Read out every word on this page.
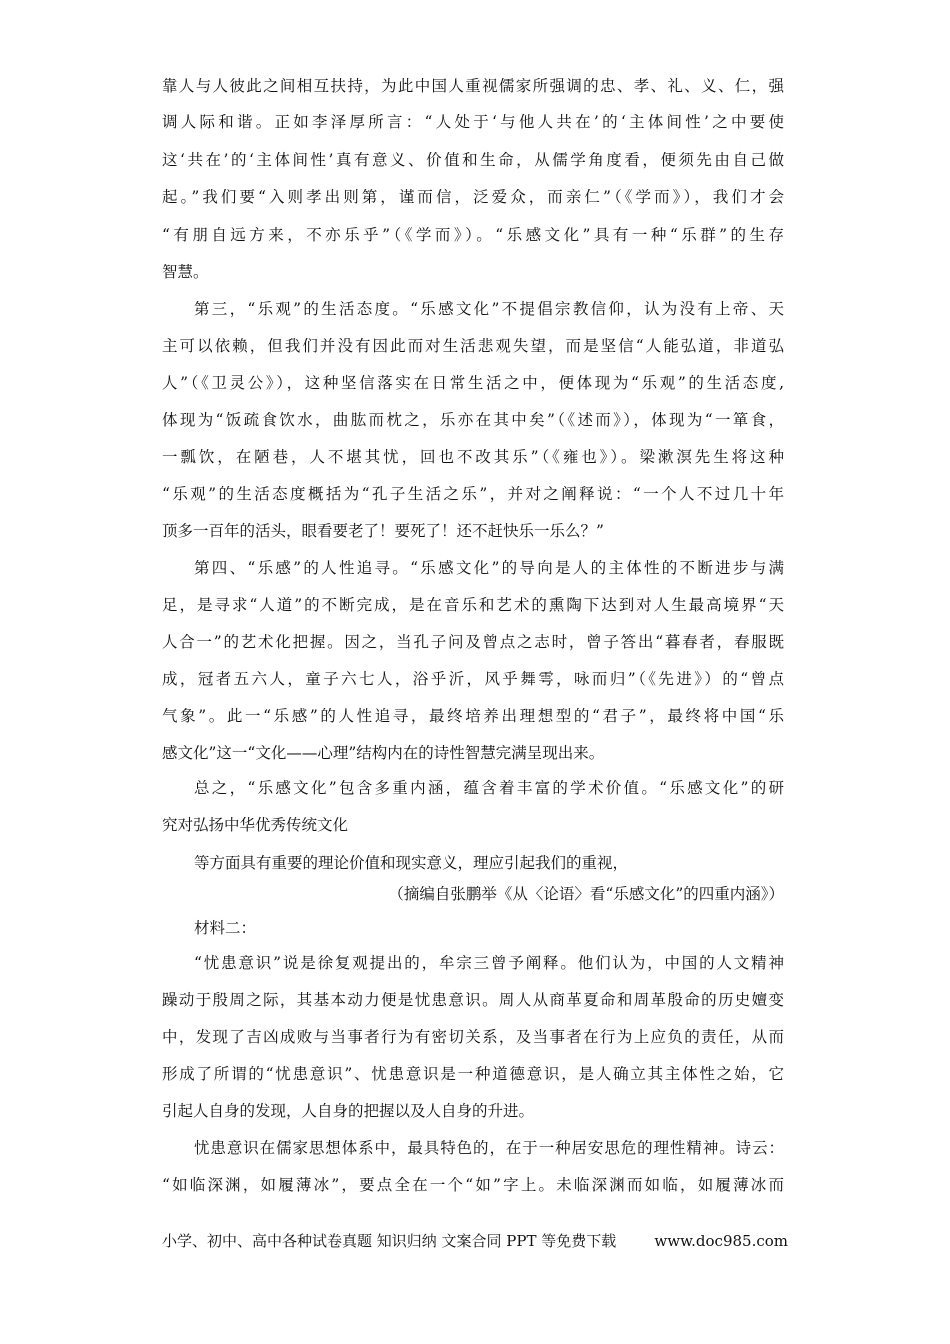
靠人与人彼此之间相互扶持，为此中国人重视儒家所强调的忠、孝、礼、义、仁，强
调人际和谐。正如李泽厚所言：“人处于‘与他人共在’的‘主体间性’之中要使
这‘共在’的‘主体间性’真有意义、价值和生命，从儒学角度看，便须先由自己做
起。”我们要“入则孝出则第，谨而信，泛爱众，而亲仁”（《学而》），我们才会
“有朋自远方来，不亦乐乎”（《学而》）。“乐感文化”具有一种“乐群”的生存
智慧。
第三，“乐观”的生活态度。“乐感文化”不提倡宗教信仰，认为没有上帝、天
主可以依赖，但我们并没有因此而对生活悲观失望，而是坚信“人能弘道，非道弘
人”（《卫灵公》），这种坚信落实在日常生活之中，便体现为“乐观”的生活态度,
体现为“饭疏食饮水，曲肱而枕之，乐亦在其中矣”（《述而》），体现为“一箪食，
一瓢饮，在陋巷，人不堪其忧，回也不改其乐”（《雍也》）。梁漱溟先生将这种
“乐观”的生活态度概括为“孔子生活之乐”，并对之阐释说：“一个人不过几十年
顶多一百年的活头，眼看要老了！要死了！还不赶快乐一乐么？”
第四、“乐感”的人性追寻。“乐感文化”的导向是人的主体性的不断进步与满
足，是寻求“人道”的不断完成，是在音乐和艺术的熏陶下达到对人生最高境界“天
人合一”的艺术化把握。因之，当孔子问及曾点之志时，曾子答出“暮春者，春服既
成，冠者五六人，童子六七人，浴乎沂，风乎舞雩，咏而归”（《先进》）的“曾点
气象”。此一“乐感”的人性追寻，最终培养出理想型的“君子”，最终将中国“乐
感文化”这一“文化——心理”结构内在的诗性智慧完满呈现出来。
总之，“乐感文化”包含多重内涵，蕴含着丰富的学术价值。“乐感文化”的研
究对弘扬中华优秀传统文化
等方面具有重要的理论价值和现实意义，理应引起我们的重视，
（摘编自张鹏举《从〈论语〉看“乐感文化”的四重内涵》）
材料二：
“忧患意识”说是徐复观提出的，牟宗三曾予阐释。他们认为，中国的人文精神
躁动于殷周之际，其基本动力便是忧患意识。周人从商革夏命和周革殷命的历史嬗变
中，发现了吉凶成败与当事者行为有密切关系，及当事者在行为上应负的责任，从而
形成了所谓的“忧患意识”、忧患意识是一种道德意识，是人确立其主体性之始，它
引起人自身的发现，人自身的把握以及人自身的升进。
忧患意识在儒家思想体系中，最具特色的，在于一种居安思危的理性精神。诗云：
“如临深渊，如履薄冰”，要点全在一个“如”字上。未临深渊而如临，如履薄冰而
小学、初中、高中各种试卷真题 知识归纳 文案合同 PPT 等免费下载	www.doc985.com
